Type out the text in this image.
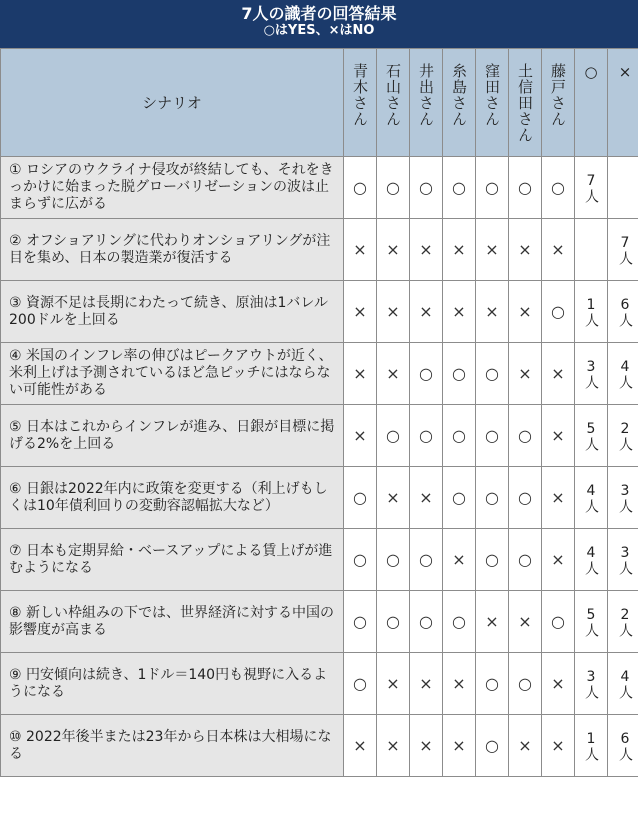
7人の識者の回答結果
○はYES、×はNO
シナリオ	青木さん	石山さん	井出さん	糸島さん	窪田さん	土信田さん	藤戸さん	○	×
① ロシアのウクライナ侵攻が終結しても、それをきっかけに始まった脱グローバリゼーションの波は止まらずに広がる	○	○	○	○	○	○	○	7人	
② オフショアリングに代わりオンショアリングが注目を集め、日本の製造業が復活する	×	×	×	×	×	×	×		7人
③ 資源不足は長期にわたって続き、原油は1バレル200ドルを上回る	×	×	×	×	×	×	○	1人	6人
④ 米国のインフレ率の伸びはピークアウトが近く、米利上げは予測されているほど急ピッチにはならない可能性がある	×	×	○	○	○	×	×	3人	4人
⑤ 日本はこれからインフレが進み、日銀が目標に掲げる2%を上回る	×	○	○	○	○	○	×	5人	2人
⑥ 日銀は2022年内に政策を変更する（利上げもしくは10年債利回りの変動容認幅拡大など）	○	×	×	○	○	○	×	4人	3人
⑦ 日本も定期昇給・ベースアップによる賃上げが進むようになる	○	○	○	×	○	○	×	4人	3人
⑧ 新しい枠組みの下では、世界経済に対する中国の影響度が高まる	○	○	○	○	×	×	○	5人	2人
⑨ 円安傾向は続き、1ドル＝140円も視野に入るようになる	○	×	×	×	○	○	×	3人	4人
⑩ 2022年後半または23年から日本株は大相場になる	×	×	×	×	○	×	×	1人	6人
